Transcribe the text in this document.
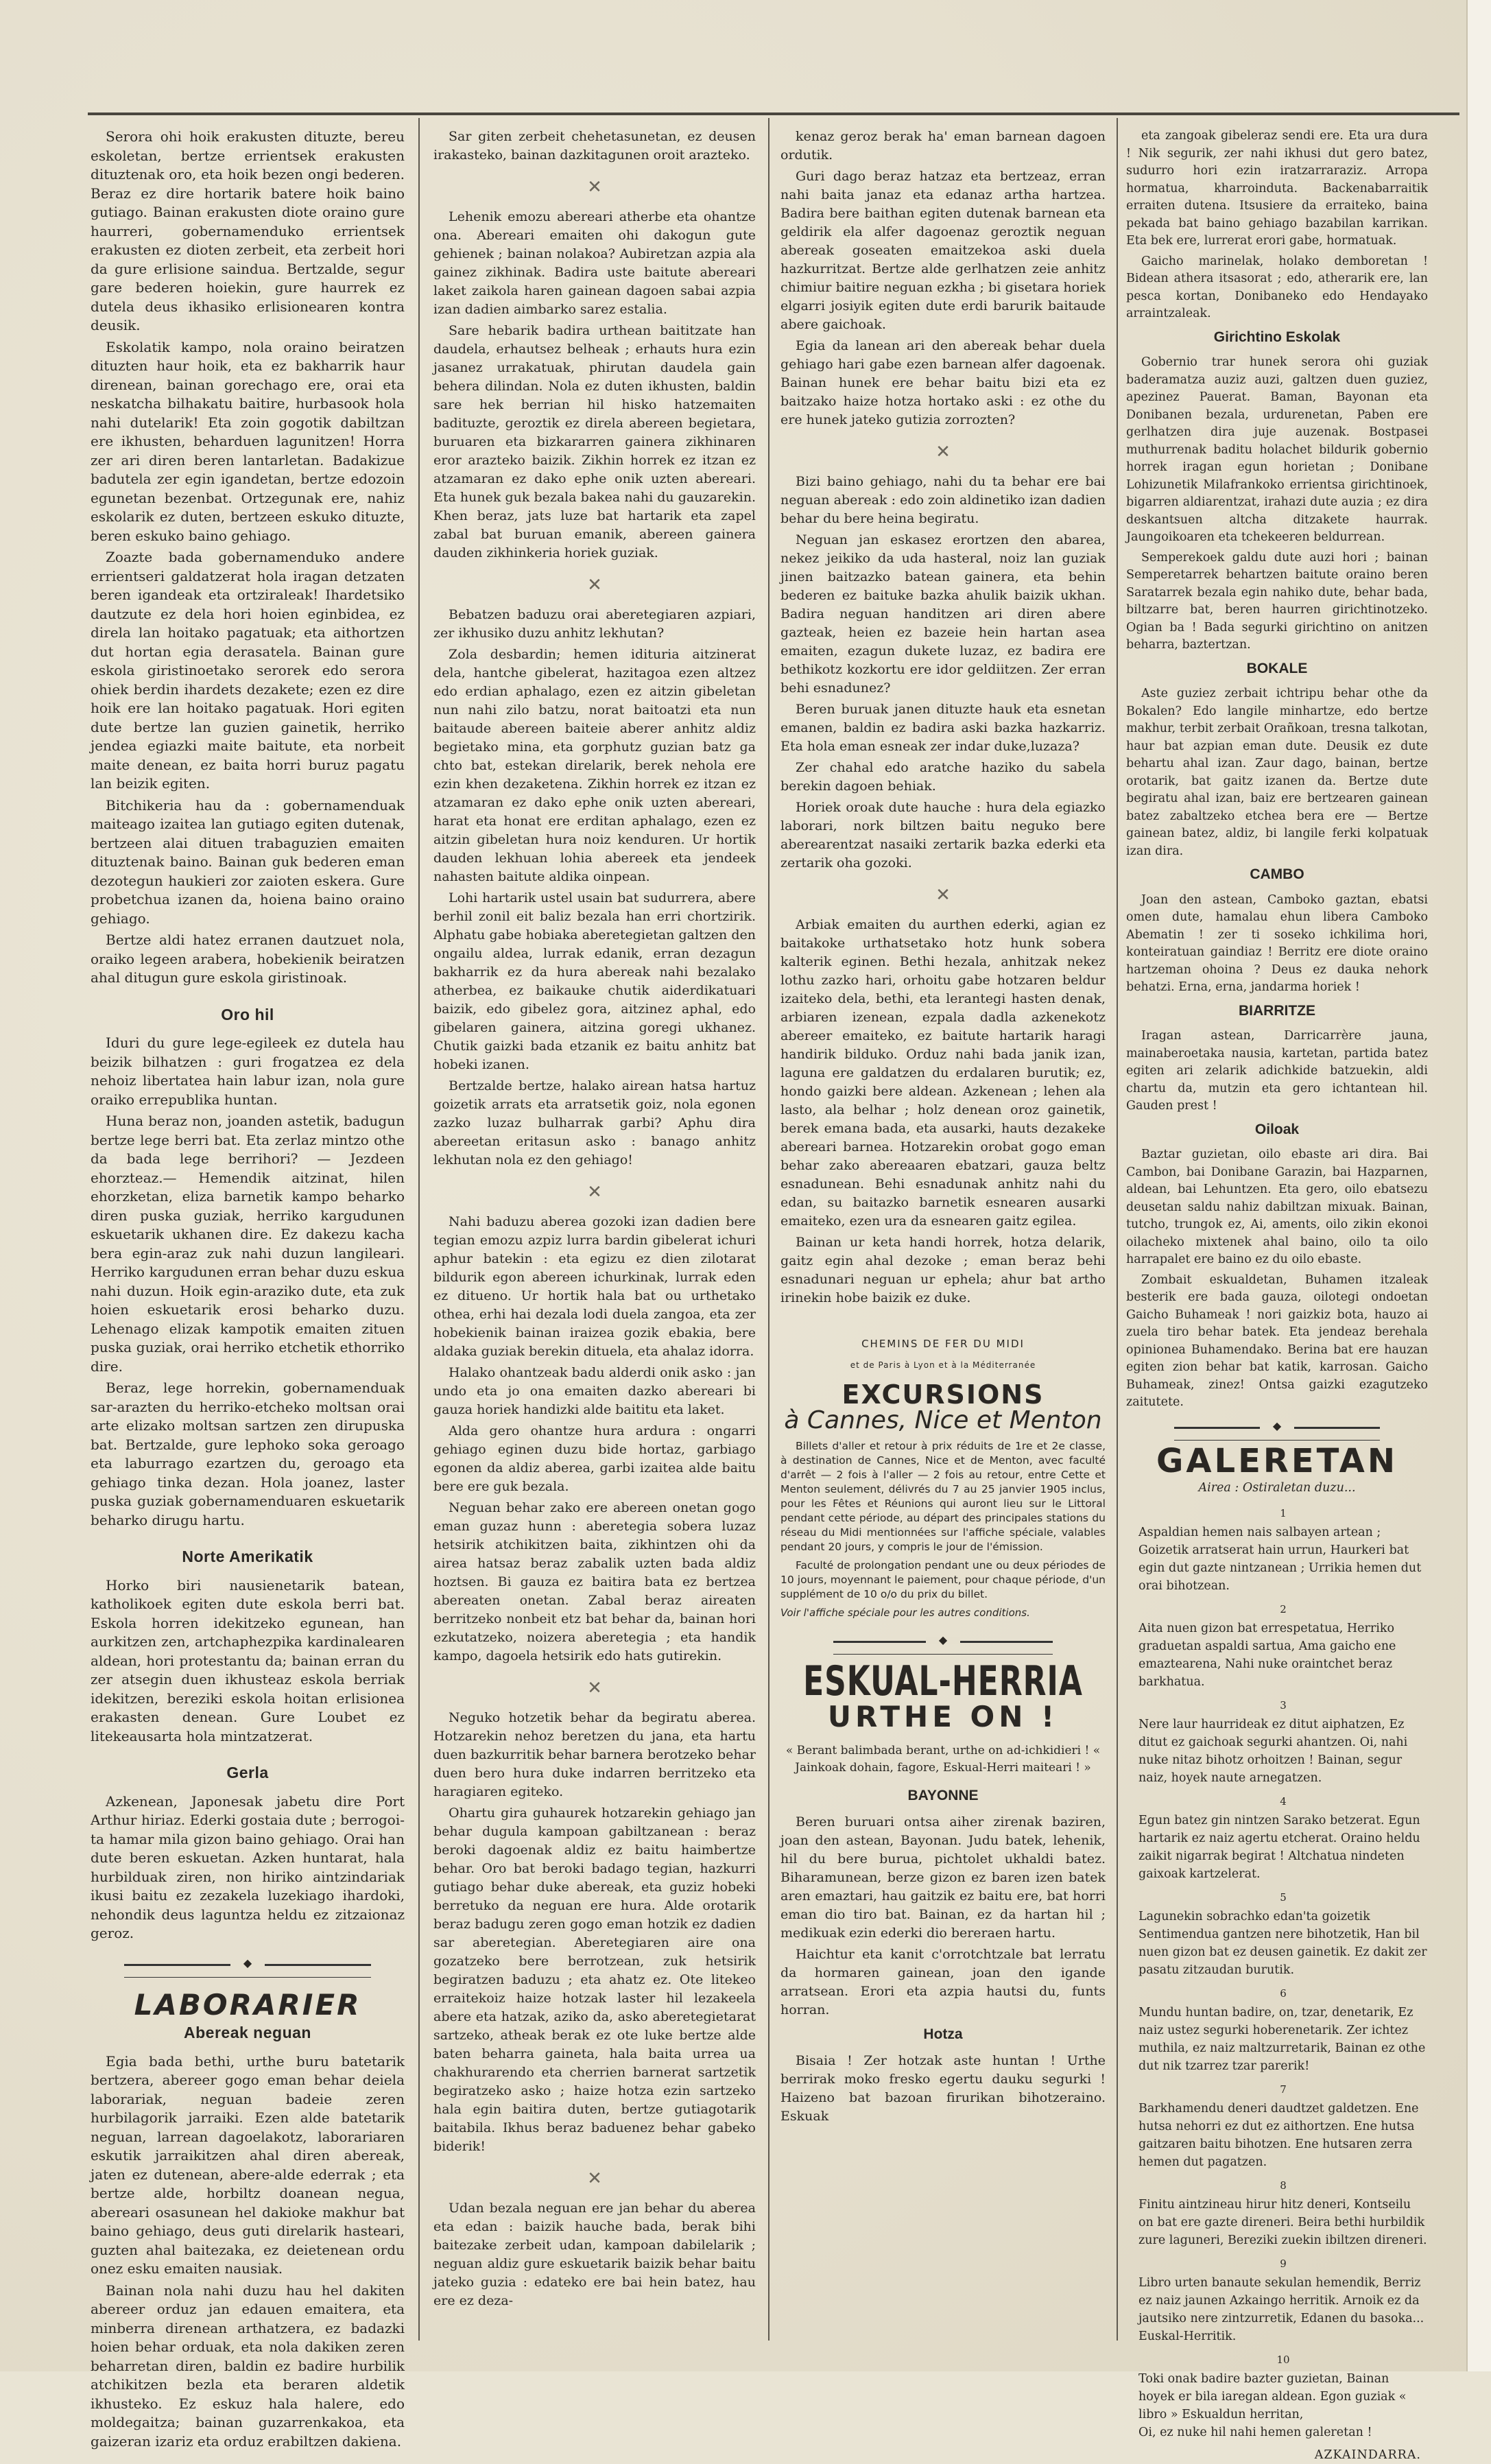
Serora ohi hoik erakusten dituzte, bereu eskoletan, bertze errientsek erakusten dituztenak oro, eta hoik bezen ongi bederen. Beraz ez dire hortarik batere hoik baino gutiago. Bainan erakusten diote oraino gure haurreri, gobernamenduko errientsek erakusten ez dioten zerbeit, eta zerbeit hori da gure erlisione saindua. Bertzalde, segur gare bederen hoiekin, gure haurrek ez dutela deus ikhasiko erlisionearen kontra deusik.

Eskolatik kampo, nola oraino beiratzen dituzten haur hoik, eta ez bakharrik haur direnean, bainan gorechago ere, orai eta neskatcha bilhakatu baitire, hurbasook hola nahi dutelarik! Eta zoin gogotik dabiltzan ere ikhusten, beharduen lagunitzen! Horra zer ari diren beren lantarletan. Badakizue badutela zer egin igandetan, bertze edozoin egunetan bezenbat. Ortzegunak ere, nahiz eskolarik ez duten, bertzeen eskuko dituzte, beren eskuko baino gehiago.

Zoazte bada gobernamenduko andere errientseri galdatzerat hola iragan detzaten beren igandeak eta ortziraleak! Ihardetsiko dautzute ez dela hori hoien eginbidea, ez direla lan hoitako pagatuak; eta aithortzen dut hortan egia derasatela. Bainan gure eskola giristinoetako serorek edo serora ohiek berdin ihardets dezakete; ezen ez dire hoik ere lan hoitako pagatuak. Hori egiten dute bertze lan guzien gainetik, herriko jendea egiazki maite baitute, eta norbeit maite denean, ez baita horri buruz pagatu lan beizik egiten.

Bitchikeria hau da : gobernamenduak maiteago izaitea lan gutiago egiten dutenak, bertzeen alai dituen trabaguzien emaiten dituztenak baino. Bainan guk bederen eman dezotegun haukieri zor zaioten eskera. Gure probetchua izanen da, hoiena baino oraino gehiago.

Bertze aldi hatez erranen dautzuet nola, oraiko legeen arabera, hobekienik beiratzen ahal ditugun gure eskola giristinoak.

Oro hil

Iduri du gure lege-egileek ez dutela hau beizik bilhatzen : guri frogatzea ez dela nehoiz libertatea hain labur izan, nola gure oraiko errepublika huntan.

Huna beraz non, joanden astetik, badugun bertze lege berri bat. Eta zerlaz mintzo othe da bada lege berrihori? — Jezdeen ehorzteaz.— Hemendik aitzinat, hilen ehorzketan, eliza barnetik kampo beharko diren puska guziak, herriko kargudunen eskuetarik ukhanen dire. Ez dakezu kacha bera egin-araz zuk nahi duzun langileari. Herriko kargudunen erran behar duzu eskua nahi duzun. Hoik egin-araziko dute, eta zuk hoien eskuetarik erosi beharko duzu. Lehenago elizak kampotik emaiten zituen puska guziak, orai herriko etchetik ethorriko dire.

Beraz, lege horrekin, gobernamenduak sar-arazten du herriko-etcheko moltsan orai arte elizako moltsan sartzen zen dirupuska bat. Bertzalde, gure lephoko soka geroago eta laburrago ezartzen du, geroago eta gehiago tinka dezan. Hola joanez, laster puska guziak gobernamenduaren eskuetarik beharko dirugu hartu.

Norte Amerikatik

Horko biri nausienetarik batean, katholikoek egiten dute eskola berri bat. Eskola horren idekitzeko egunean, han aurkitzen zen, artchaphezpika kardinalearen aldean, hori protestantu da; bainan erran du zer atsegin duen ikhusteaz eskola berriak idekitzen, bereziki eskola hoitan erlisionea erakasten denean. Gure Loubet ez litekeausarta hola mintzatzerat.

Gerla

Azkenean, Japonesak jabetu dire Port Arthur hiriaz. Ederki gostaia dute ; berrogoi-ta hamar mila gizon baino gehiago. Orai han dute beren eskuetan. Azken huntarat, hala hurbilduak ziren, non hiriko aintzindariak ikusi baitu ez zezakela luzekiago ihardoki, nehondik deus laguntza heldu ez zitzaionaz geroz.

◆
LABORARIER
Abereak neguan

Egia bada bethi, urthe buru batetarik bertzera, abereer gogo eman behar deiela laborariak, neguan badeie zeren hurbilagorik jarraiki. Ezen alde batetarik neguan, larrean dagoelakotz, laborariaren eskutik jarraikitzen ahal diren abereak, jaten ez dutenean, abere-alde ederrak ; eta bertze alde, horbiltz doanean negua, abereari osasunean hel dakioke makhur bat baino gehiago, deus guti direlarik hasteari, guzten ahal baitezaka, ez deietenean ordu onez esku emaiten nausiak.

Bainan nola nahi duzu hau hel dakiten abereer orduz jan edauen emaitera, eta minberra direnean arthatzera, ez badazki hoien behar orduak, eta nola dakiken zeren beharretan diren, baldin ez badire hurbilik atchikitzen bezla eta beraren aldetik ikhusteko. Ez eskuz hala halere, edo moldegaitza; bainan guzarrenkakoa, eta gaizeran izariz eta orduz erabiltzen dakiena.

Sar giten zerbeit chehetasunetan, ez deusen irakasteko, bainan dazkitagunen oroit arazteko.

✕

Lehenik emozu abereari atherbe eta ohantze ona. Abereari emaiten ohi dakogun gute gehienek ; bainan nolakoa? Aubiretzan azpia ala gainez zikhinak. Badira uste baitute abereari laket zaikola haren gainean dagoen sabai azpia izan dadien aimbarko sarez estalia.

Sare hebarik badira urthean baititzate han daudela, erhautsez belheak ; erhauts hura ezin jasanez urrakatuak, phirutan daudela gain behera dilindan. Nola ez duten ikhusten, baldin sare hek berrian hil hisko hatzemaiten badituzte, geroztik ez direla abereen begietara, buruaren eta bizkararren gainera zikhinaren eror arazteko baizik. Zikhin horrek ez itzan ez atzamaran ez dako ephe onik uzten abereari. Eta hunek guk bezala bakea nahi du gauzarekin. Khen beraz, jats luze bat hartarik eta zapel zabal bat buruan emanik, abereen gainera dauden zikhinkeria horiek guziak.

✕

Bebatzen baduzu orai aberetegiaren azpiari, zer ikhusiko duzu anhitz lekhutan?

Zola desbardin; hemen idituria aitzinerat dela, hantche gibelerat, hazitagoa ezen altzez edo erdian aphalago, ezen ez aitzin gibeletan nun nahi zilo batzu, norat baitoatzi eta nun baitaude abereen baiteie aberer anhitz aldiz begietako mina, eta gorphutz guzian batz ga chto bat, estekan direlarik, berek nehola ere ezin khen dezaketena. Zikhin horrek ez itzan ez atzamaran ez dako ephe onik uzten abereari, harat eta honat ere erditan aphalago, ezen ez aitzin gibeletan hura noiz kenduren. Ur hortik dauden lekhuan lohia abereek eta jendeek nahasten baitute aldika oinpean.

Lohi hartarik ustel usain bat sudurrera, abere berhil zonil eit baliz bezala han erri chortzirik. Alphatu gabe hobiaka aberetegietan galtzen den ongailu aldea, lurrak edanik, erran dezagun bakharrik ez da hura abereak nahi bezalako atherbea, ez baikauke chutik aiderdikatuari baizik, edo gibelez gora, aitzinez aphal, edo gibelaren gainera, aitzina goregi ukhanez. Chutik gaizki bada etzanik ez baitu anhitz bat hobeki izanen.

Bertzalde bertze, halako airean hatsa hartuz goizetik arrats eta arratsetik goiz, nola egonen zazko luzaz bulharrak garbi? Aphu dira abereetan eritasun asko : banago anhitz lekhutan nola ez den gehiago!

✕

Nahi baduzu aberea gozoki izan dadien bere tegian emozu azpiz lurra bardin gibelerat ichuri aphur batekin : eta egizu ez dien zilotarat bildurik egon abereen ichurkinak, lurrak eden ez ditueno. Ur hortik hala bat ou urthetako otheа, erhi hai dezala lodi duela zangoa, eta zer hobekienik bainan iraizea gozik ebakia, bere aldaka guziak berekin dituela, eta ahalaz idorra.

Halako ohantzeak badu alderdi onik asko : jan undo eta jo ona emaiten dazko abereari bi gauza horiek handizki alde baititu eta laket.

Alda gero ohantze hura ardura : ongarri gehiago eginen duzu bide hortaz, garbiago egonen da aldiz aberea, garbi izaitea alde baitu bere ere guk bezala.

Neguan behar zako ere abereen onetan gogo eman guzaz hunn : aberetegia sobera luzaz hetsirik atchikitzen baita, zikhintzen ohi da airea hatsaz beraz zabalik uzten bada aldiz hoztsen. Bi gauza ez baitira bata ez bertzea abereaten onetan. Zabal beraz aireaten berritzeko nonbeit etz bat behar da, bainan hori ezkutatzeko, noizera aberetegia ; eta handik kampo, dagoela hetsirik edo hats gutirekin.

✕

Neguko hotzetik behar da begiratu aberea. Hotzarekin nehoz beretzen du jana, eta hartu duen bazkurritik behar barnera berotzeko behar duen bero hura duke indarren berritzeko eta haragiaren egiteko.

Ohartu gira guhaurek hotzarekin gehiago jan behar dugula kampoan gabiltzanean : beraz beroki dagoenak aldiz ez baitu haimbertze behar. Oro bat beroki badago tegian, hazkurri gutiago behar duke abereak, eta guziz hobeki berretuko da neguan ere hura. Alde orotarik beraz badugu zeren gogo eman hotzik ez dadien sar aberetegian. Aberetegiaren aire ona gozatzeko bere berrotzean, zuk hetsirik begiratzen baduzu ; eta ahatz ez. Ote litekeo erraitekoiz haize hotzak laster hil lezakeela abere eta hatzak, aziko da, asko aberetegietarat sartzeko, atheak berak ez ote luke bertze alde baten beharra gaineta, hala baita urrea ua chakhurarendo eta cherrien barnerat sartzetik begiratzeko asko ; haize hotza ezin sartzeko hala egin baitira duten, bertze gutiagotarik baitabila. Ikhus beraz baduenez behar gabeko biderik!

✕

Udan bezala neguan ere jan behar du aberea eta edan : baizik hauche bada, berak bihi baitezake zerbeit udan, kampoan dabilelarik ; neguan aldiz gure eskuetarik baizik behar baitu jateko guzia : edateko ere bai hein batez, hau ere ez deza-

kenaz geroz berak ha' eman barnean dagoen ordutik.

Guri dago beraz hatzaz eta bertzeaz, erran nahi baita janaz eta edanaz artha hartzea. Badira bere baithan egiten dutenak barnean eta geldirik ela alfer dagoenaz geroztik neguan abereak goseaten emaitzekoa aski duela hazkurritzat. Bertze alde gerlhatzen zeie anhitz chimiur baitire neguan ezkha ; bi gisetara horiek elgarri josiyik egiten dute erdi barurik baitaude abere gaichoak.

Egia da lanean ari den abereak behar duela gehiago hari gabe ezen barnean alfer dagoenak. Bainan hunek ere behar baitu bizi eta ez baitzako haize hotza hortako aski : ez othe du ere hunek jateko gutizia zorrozten?

✕

Bizi baino gehiago, nahi du ta behar ere bai neguan abereak : edo zoin aldinetiko izan dadien behar du bere heina begiratu.

Neguan jan eskasez erortzen den abarea, nekez jeikiko da uda hasteral, noiz lan guziak jinen baitzazko batean gainera, eta behin bederen ez baituke bazka ahulik baizik ukhan. Badira neguan handitzen ari diren abere gazteak, heien ez bazeie hein hartan asea emaiten, ezagun dukete luzaz, ez badira ere bethikotz kozkortu ere idor geldiitzen. Zer erran behi esnadunez?

Beren buruak janen dituzte hauk eta esnetan emanen, baldin ez badira aski bazka hazkarriz. Eta hola eman esneak zer indar duke,luzaza?

Zer chahal edo aratche haziko du sabela berekin dagoen behiak.

Horiek oroak dute hauche : hura dela egiazko laborari, nork biltzen baitu neguko bere aberearentzat nasaiki zertarik bazka ederki eta zertarik oha gozoki.

✕

Arbiak emaiten du aurthen ederki, agian ez baitakoke urthatsetako hotz hunk sobera kalterik eginen. Bethi hezala, anhitzak nekez lothu zazko hari, orhoitu gabe hotzaren beldur izaiteko dela, bethi, eta lerantegi hasten denak, arbiaren izenean, ezpala dadla azkenekotz abereer emaiteko, ez baitute hartarik haragi handirik bilduko. Orduz nahi bada janik izan, laguna ere galdatzen du erdalaren burutik; ez, hondo gaizki bere aldean. Azkenean ; lehen ala lasto, ala belhar ; holz denean oroz gainetik, berek emana bada, eta ausarki, hauts dezakeke abereari barnea. Hotzarekin orobat gogo eman behar zako abereaaren ebatzari, gauza beltz esnadunean. Behi esnadunak anhitz nahi du edan, su baitazko barnetik esnearen ausarki emaiteko, ezen ura da esnearen gaitz egilea.

Bainan ur keta handi horrek, hotza delarik, gaitz egin ahal dezoke ; eman beraz behi esnadunari neguan ur ephela; ahur bat artho irinekin hobe baizik ez duke.

CHEMINS DE FER DU MIDI
et de Paris à Lyon et à la Méditerranée
EXCURSIONS
à Cannes, Nice et Menton

Billets d'aller et retour à prix réduits de 1re et 2e classe, à destination de Cannes, Nice et de Menton, avec faculté d'arrêt — 2 fois à l'aller — 2 fois au retour, entre Cette et Menton seulement, délivrés du 7 au 25 janvier 1905 inclus, pour les Fêtes et Réunions qui auront lieu sur le Littoral pendant cette période, au départ des principales stations du réseau du Midi mentionnées sur l'affiche spéciale, valables pendant 20 jours, y compris le jour de l'émission.

Faculté de prolongation pendant une ou deux périodes de 10 jours, moyennant le paiement, pour chaque période, d'un supplément de 10 o/o du prix du billet.

Voir l'affiche spéciale pour les autres conditions.
◆
ESKUAL-HERRIA
URTHE ON !
« Berant balimbada berant, urthe on ad-ichkidieri ! « Jainkoak dohain, fagore, Eskual-Herri maiteari ! »
BAYONNE

Beren buruari ontsa aiher zirenak baziren, joan den astean, Bayonan. Judu batek, lehenik, hil du bere burua, pichtolet ukhaldi batez. Biharamunean, berze gizon ez baren izen batek aren emaztari, hau gaitzik ez baitu ere, bat horri eman dio tiro bat. Bainan, ez da hartan hil ; medikuak ezin ederki dio bereraen hartu.

Haichtur eta kanit c'orrotchtzale bat lerratu da hormaren gainean, joan den igande arratsean. Erori eta azpia hautsi du, funts horran.

Hotza

Bisaia ! Zer hotzak aste huntan ! Urthe berrirak moko fresko egertu dauku segurki ! Haizeno bat bazoan firurikan bihotzeraino. Eskuak

eta zangoak gibeleraz sendi ere. Eta ura dura ! Nik segurik, zer nahi ikhusi dut gero batez, sudurro hori ezin iratzarraraziz. Arropa hormatua, kharroinduta. Backenabarraitik erraiten dutena. Itsusiere da erraiteko, baina pekada bat baino gehiago bazabilan karrikan. Eta bek ere, lurrerat erori gabe, hormatuak.

Gaicho marinelak, holako demboretan ! Bidean athera itsasorat ; edo, atherarik ere, lan pesca kortan, Donibaneko edo Hendayako arraintzaleak.

Girichtino Eskolak

Gobernio trar hunek serora ohi guziak baderamatza auziz auzi, galtzen duen guziez, apezinez Pauerat. Baman, Bayonan eta Donibanen bezala, urdurenetan, Paben ere gerlhatzen dira juje auzenak. Bostpasei muthurrenak baditu holachet bildurik gobernio horrek iragan egun horietan ; Donibane Lohizunetik Milafrankoko errientsa girichtinoek, bigarren aldiarentzat, irahazi dute auzia ; ez dira deskantsuen altcha ditzakete haurrak. Jaungoikoaren eta tchekeeren beldurrean.

Semperekoek galdu dute auzi hori ; bainan Semperetarrek behartzen baitute oraino beren Saratarrek bezala egin nahiko dute, behar bada, biltzarre bat, beren haurren girichtinotzeko. Ogian ba ! Bada segurki girichtino on anitzen beharra, baztertzan.

BOKALE

Aste guziez zerbait ichtripu behar othe da Bokalen? Edo langile minhartze, edo bertze makhur, terbit zerbait Orañkoan, tresna talkotan, haur bat azpian eman dute. Deusik ez dute behartu ahal izan. Zaur dago, bainan, bertze orotarik, bat gaitz izanen da. Bertze dute begiratu ahal izan, baiz ere bertzearen gainean batez zabaltzeko etchea bera ere — Bertze gainean batez, aldiz, bi langile ferki kolpatuak izan dira.

CAMBO

Joan den astean, Camboko gaztan, ebatsi omen dute, hamalau ehun libera Camboko Abematin ! zer ti soseko ichkilima hori, konteiratuan gaindiaz ! Berritz ere diote oraino hartzeman ohoina ? Deus ez dauka nehork behatzi. Erna, erna, jandarma horiek !

BIARRITZE

Iragan astean, Darricarrère jauna, mainaberoetaka nausia, kartetan, partida batez egiten ari zelarik adichkide batzuekin, aldi chartu da, mutzin eta gero ichtantean hil. Gauden prest !

Oiloak

Baztar guzietan, oilo ebaste ari dira. Bai Cambon, bai Donibane Garazin, bai Hazparnen, aldean, bai Lehuntzen. Eta gero, oilo ebatsezu deusetan saldu nahiz dabiltzan mixuak. Bainan, tutcho, trungok ez, Ai, aments, oilo zikin ekonoi oilacheko mixtenek ahal baino, oilo ta oilo harrapalet ere baino ez du oilo ebaste.

Zombait eskualdetan, Buhamen itzaleak besterik ere bada gauza, oilotegi ondoetan Gaicho Buhameak ! nori gaizkiz bota, hauzo ai zuela tiro behar batek. Eta jendeaz berehala opinionea Buhamendako. Berina bat ere hauzan egiten zion behar bat katik, karrosan. Gaicho Buhameak, zinez! Ontsa gaizki ezagutzeko zaitutete.

◆
GALERETAN
Airea : Ostiraletan duzu...
1
Aspaldian hemen nais salbayen artean ; Goizetik arratserat hain urrun, Haurkeri bat egin dut gazte nintzanean ; Urrikia hemen dut orai bihotzean.
2
Aita nuen gizon bat errespetatua, Herriko graduetan aspaldi sartua, Ama gaicho ene emaztearena, Nahi nuke oraintchet beraz barkhatua.
3
Nere laur haurrideak ez ditut aiphatzen, Ez ditut ez gaichoak segurki ahantzen. Oi, nahi nuke nitaz bihotz orhoitzen ! Bainan, segur naiz, hoyek naute arnegatzen.
4
Egun batez gin nintzen Sarako betzerat. Egun hartarik ez naiz agertu etcherat. Oraino heldu zaikit nigarrak begirat ! Altchatua nindeten gaixoak kartzelerat.
5
Lagunekin sobrachko edan'ta goizetik Sentimendua gantzen nere bihotzetik, Han bil nuen gizon bat ez deusen gainetik. Ez dakit zer pasatu zitzaudan burutik.
6
Mundu huntan badire, on, tzar, denetarik, Ez naiz ustez segurki hoberenetarik. Zer ichtez muthila, ez naiz maltzurretarik, Bainan ez othe dut nik tzarrez tzar parerik!
7
Barkhamendu deneri daudtzet galdetzen. Ene hutsa nehorri ez dut ez aithortzen. Ene hutsa gaitzaren baitu bihotzen. Ene hutsaren zerra hemen dut pagatzen.
8
Finitu aintzineau hirur hitz deneri, Kontseilu on bat ere gazte direneri. Beira bethi hurbildik zure laguneri, Bereziki zuekin ibiltzen direneri.
9
Libro urten banaute sekulan hemendik, Berriz ez naiz jaunen Azkaingo herritik. Arnoik ez da jautsiko nere zintzurretik, Edanen du basoka... Euskal-Herritik.
10
Toki onak badire bazter guzietan, Bainan hoyek er bila iaregan aldean. Egon guziak « libro » Eskualdun herritan,
Oi, ez nuke hil nahi hemen galeretan !
AZKAINDARRA.
